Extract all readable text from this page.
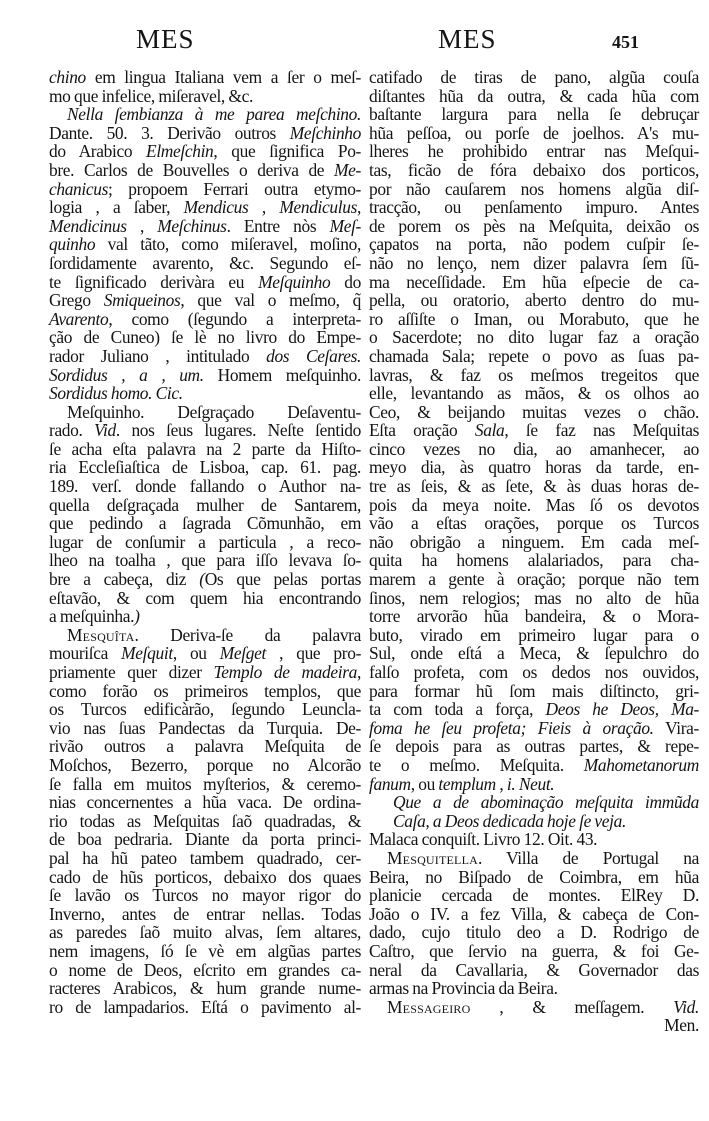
MES	MES	451
chino em lingua Italiana vem a ſer o meſ-
mo que infelice, miſeravel, &c.
Nella ſembianza à me parea meſchino.
Dante. 50. 3. Derivão outros Meſchinho
do Arabico Elmeſchin, que ſignifica Po-
bre. Carlos de Bouvelles o deriva de Me-
chanicus; propoem Ferrari outra etymo-
logia , a ſaber, Mendicus , Mendiculus,
Mendicinus , Meſchinus. Entre nòs Meſ-
quinho val tãto, como miſeravel, moſino,
ſordidamente avarento, &c. Segundo eſ-
te ſignificado derivàra eu Meſquinho do
Grego Smiqueinos, que val o meſmo, q̃
Avarento, como (ſegundo a interpreta-
ção de Cuneo) ſe lè no livro do Empe-
rador Juliano , intitulado dos Ceſares.
Sordidus , a , um. Homem meſquinho.
Sordidus homo. Cic.
Meſquinho. Deſgraçado Deſaventu-
rado. Vid. nos ſeus lugares. Neſte ſentido
ſe acha eſta palavra na 2 parte da Hiſto-
ria Eccleſiaſtica de Lisboa, cap. 61. pag.
189. verſ. donde fallando o Author na-
quella deſgraçada mulher de Santarem,
que pedindo a ſagrada Cõmunhão, em
lugar de conſumir a particula , a reco-
lheo na toalha , que para iſſo levava ſo-
bre a cabeça, diz (Os que pelas portas
eſtavão, & com quem hia encontrando
a meſquinha.)
Mesquîta. Deriva-ſe da palavra
mouriſca Meſquit, ou Meſget , que pro-
priamente quer dizer Templo de madeira,
como forão os primeiros templos, que
os Turcos edificàrão, ſegundo Leuncla-
vio nas ſuas Pandectas da Turquia. De-
rivão outros a palavra Meſquita de
Moſchos, Bezerro, porque no Alcorão
ſe falla em muitos myſterios, & ceremo-
nias concernentes a hũa vaca. De ordina-
rio todas as Meſquitas ſaõ quadradas, &
de boa pedraria. Diante da porta princi-
pal ha hũ pateo tambem quadrado, cer-
cado de hũs porticos, debaixo dos quaes
ſe lavão os Turcos no mayor rigor do
Inverno, antes de entrar nellas. Todas
as paredes ſaõ muito alvas, ſem altares,
nem imagens, ſó ſe vè em algũas partes
o nome de Deos, eſcrito em grandes ca-
racteres Arabicos, & hum grande nume-
ro de lampadarios. Eſtá o pavimento al-
catifado de tiras de pano, algũa couſa
diſtantes hũa da outra, & cada hũa com
baſtante largura para nella ſe debruçar
hũa peſſoa, ou porſe de joelhos. A's mu-
lheres he prohibido entrar nas Meſqui-
tas, ficão de fóra debaixo dos porticos,
por não cauſarem nos homens algũa diſ-
tracção, ou penſamento impuro. Antes
de porem os pès na Meſquita, deixão os
çapatos na porta, não podem cuſpir ſe-
não no lenço, nem dizer palavra ſem ſũ-
ma neceſſidade. Em hũa eſpecie de ca-
pella, ou oratorio, aberto dentro do mu-
ro aſſiſte o Iman, ou Morabuto, que he
o Sacerdote; no dito lugar faz a oração
chamada Sala; repete o povo as ſuas pa-
lavras, & faz os meſmos tregeitos que
elle, levantando as mãos, & os olhos ao
Ceo, & beijando muitas vezes o chão.
Eſta oração Sala, ſe faz nas Meſquitas
cinco vezes no dia, ao amanhecer, ao
meyo dia, às quatro horas da tarde, en-
tre as ſeis, & as ſete, & às duas horas de-
pois da meya noite. Mas ſó os devotos
vão a eſtas orações, porque os Turcos
não obrigão a ninguem. Em cada meſ-
quita ha homens alalariados, para cha-
marem a gente à oração; porque não tem
ſinos, nem relogios; mas no alto de hũa
torre arvorão hũa bandeira, & o Mora-
buto, virado em primeiro lugar para o
Sul, onde eſtá a Meca, & ſepulchro do
falſo profeta, com os dedos nos ouvidos,
para formar hũ ſom mais diſtincto, gri-
ta com toda a força, Deos he Deos, Ma-
foma he ſeu profeta; Fieis à oração. Vira-
ſe depois para as outras partes, & repe-
te o meſmo. Meſquita. Mahometanorum
fanum, ou templum , i. Neut.
Que a de abominação meſquita immũda
Caſa, a Deos dedicada hoje ſe veja.
Malaca conquiſt. Livro 12. Oit. 43.
Mesquitella. Villa de Portugal na
Beira, no Biſpado de Coimbra, em hũa
planicie cercada de montes. ElRey D.
João o IV. a fez Villa, & cabeça de Con-
dado, cujo titulo deo a D. Rodrigo de
Caſtro, que ſervio na guerra, & foi Ge-
neral da Cavallaria, & Governador das
armas na Provincia da Beira.
Messageiro , & meſſagem. Vid.
Men.
